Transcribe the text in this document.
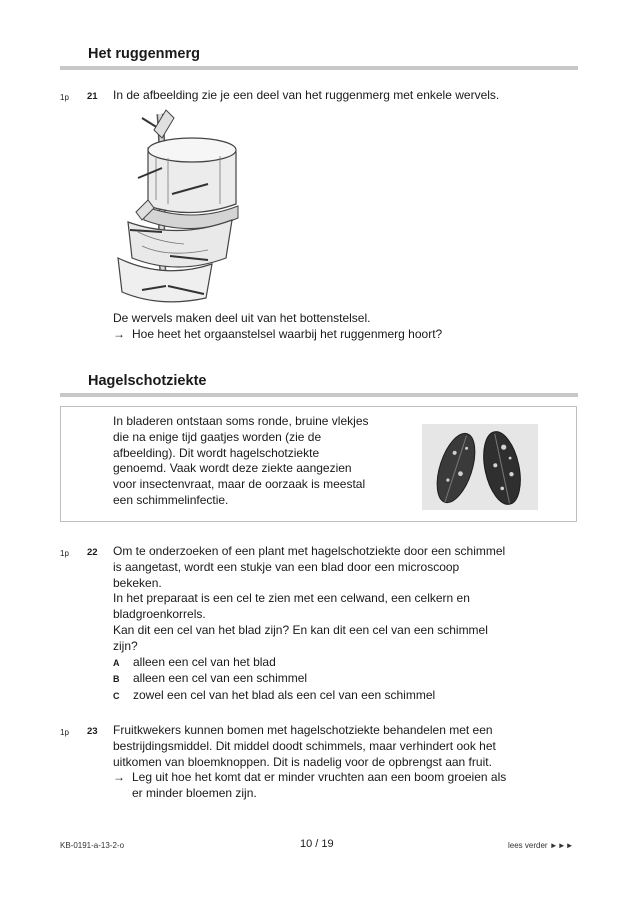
Het ruggenmerg
1p 21 In de afbeelding zie je een deel van het ruggenmerg met enkele wervels.
De wervels maken deel uit van het bottenstelsel.
→ Hoe heet het orgaanstelsel waarbij het ruggenmerg hoort?
Hagelschotziekte
In bladeren ontstaan soms ronde, bruine vlekjes
die na enige tijd gaatjes worden (zie de
afbeelding). Dit wordt hagelschotziekte
genoemd. Vaak wordt deze ziekte aangezien
voor insectenvraat, maar de oorzaak is meestal
een schimmelinfectie.
1p 22 Om te onderzoeken of een plant met hagelschotziekte door een schimmel
is aangetast, wordt een stukje van een blad door een microscoop
bekeken.
In het preparaat is een cel te zien met een celwand, een celkern en
bladgroenkorrels.
Kan dit een cel van het blad zijn? En kan dit een cel van een schimmel
zijn?
A alleen een cel van het blad
B alleen een cel van een schimmel
C zowel een cel van het blad als een cel van een schimmel
1p 23 Fruitkwekers kunnen bomen met hagelschotziekte behandelen met een
bestrijdingsmiddel. Dit middel doodt schimmels, maar verhindert ook het
uitkomen van bloemknoppen. Dit is nadelig voor de opbrengst aan fruit.
→ Leg uit hoe het komt dat er minder vruchten aan een boom groeien als
er minder bloemen zijn.
KB-0191-a-13-2-o	10 / 19	lees verder ►►►
